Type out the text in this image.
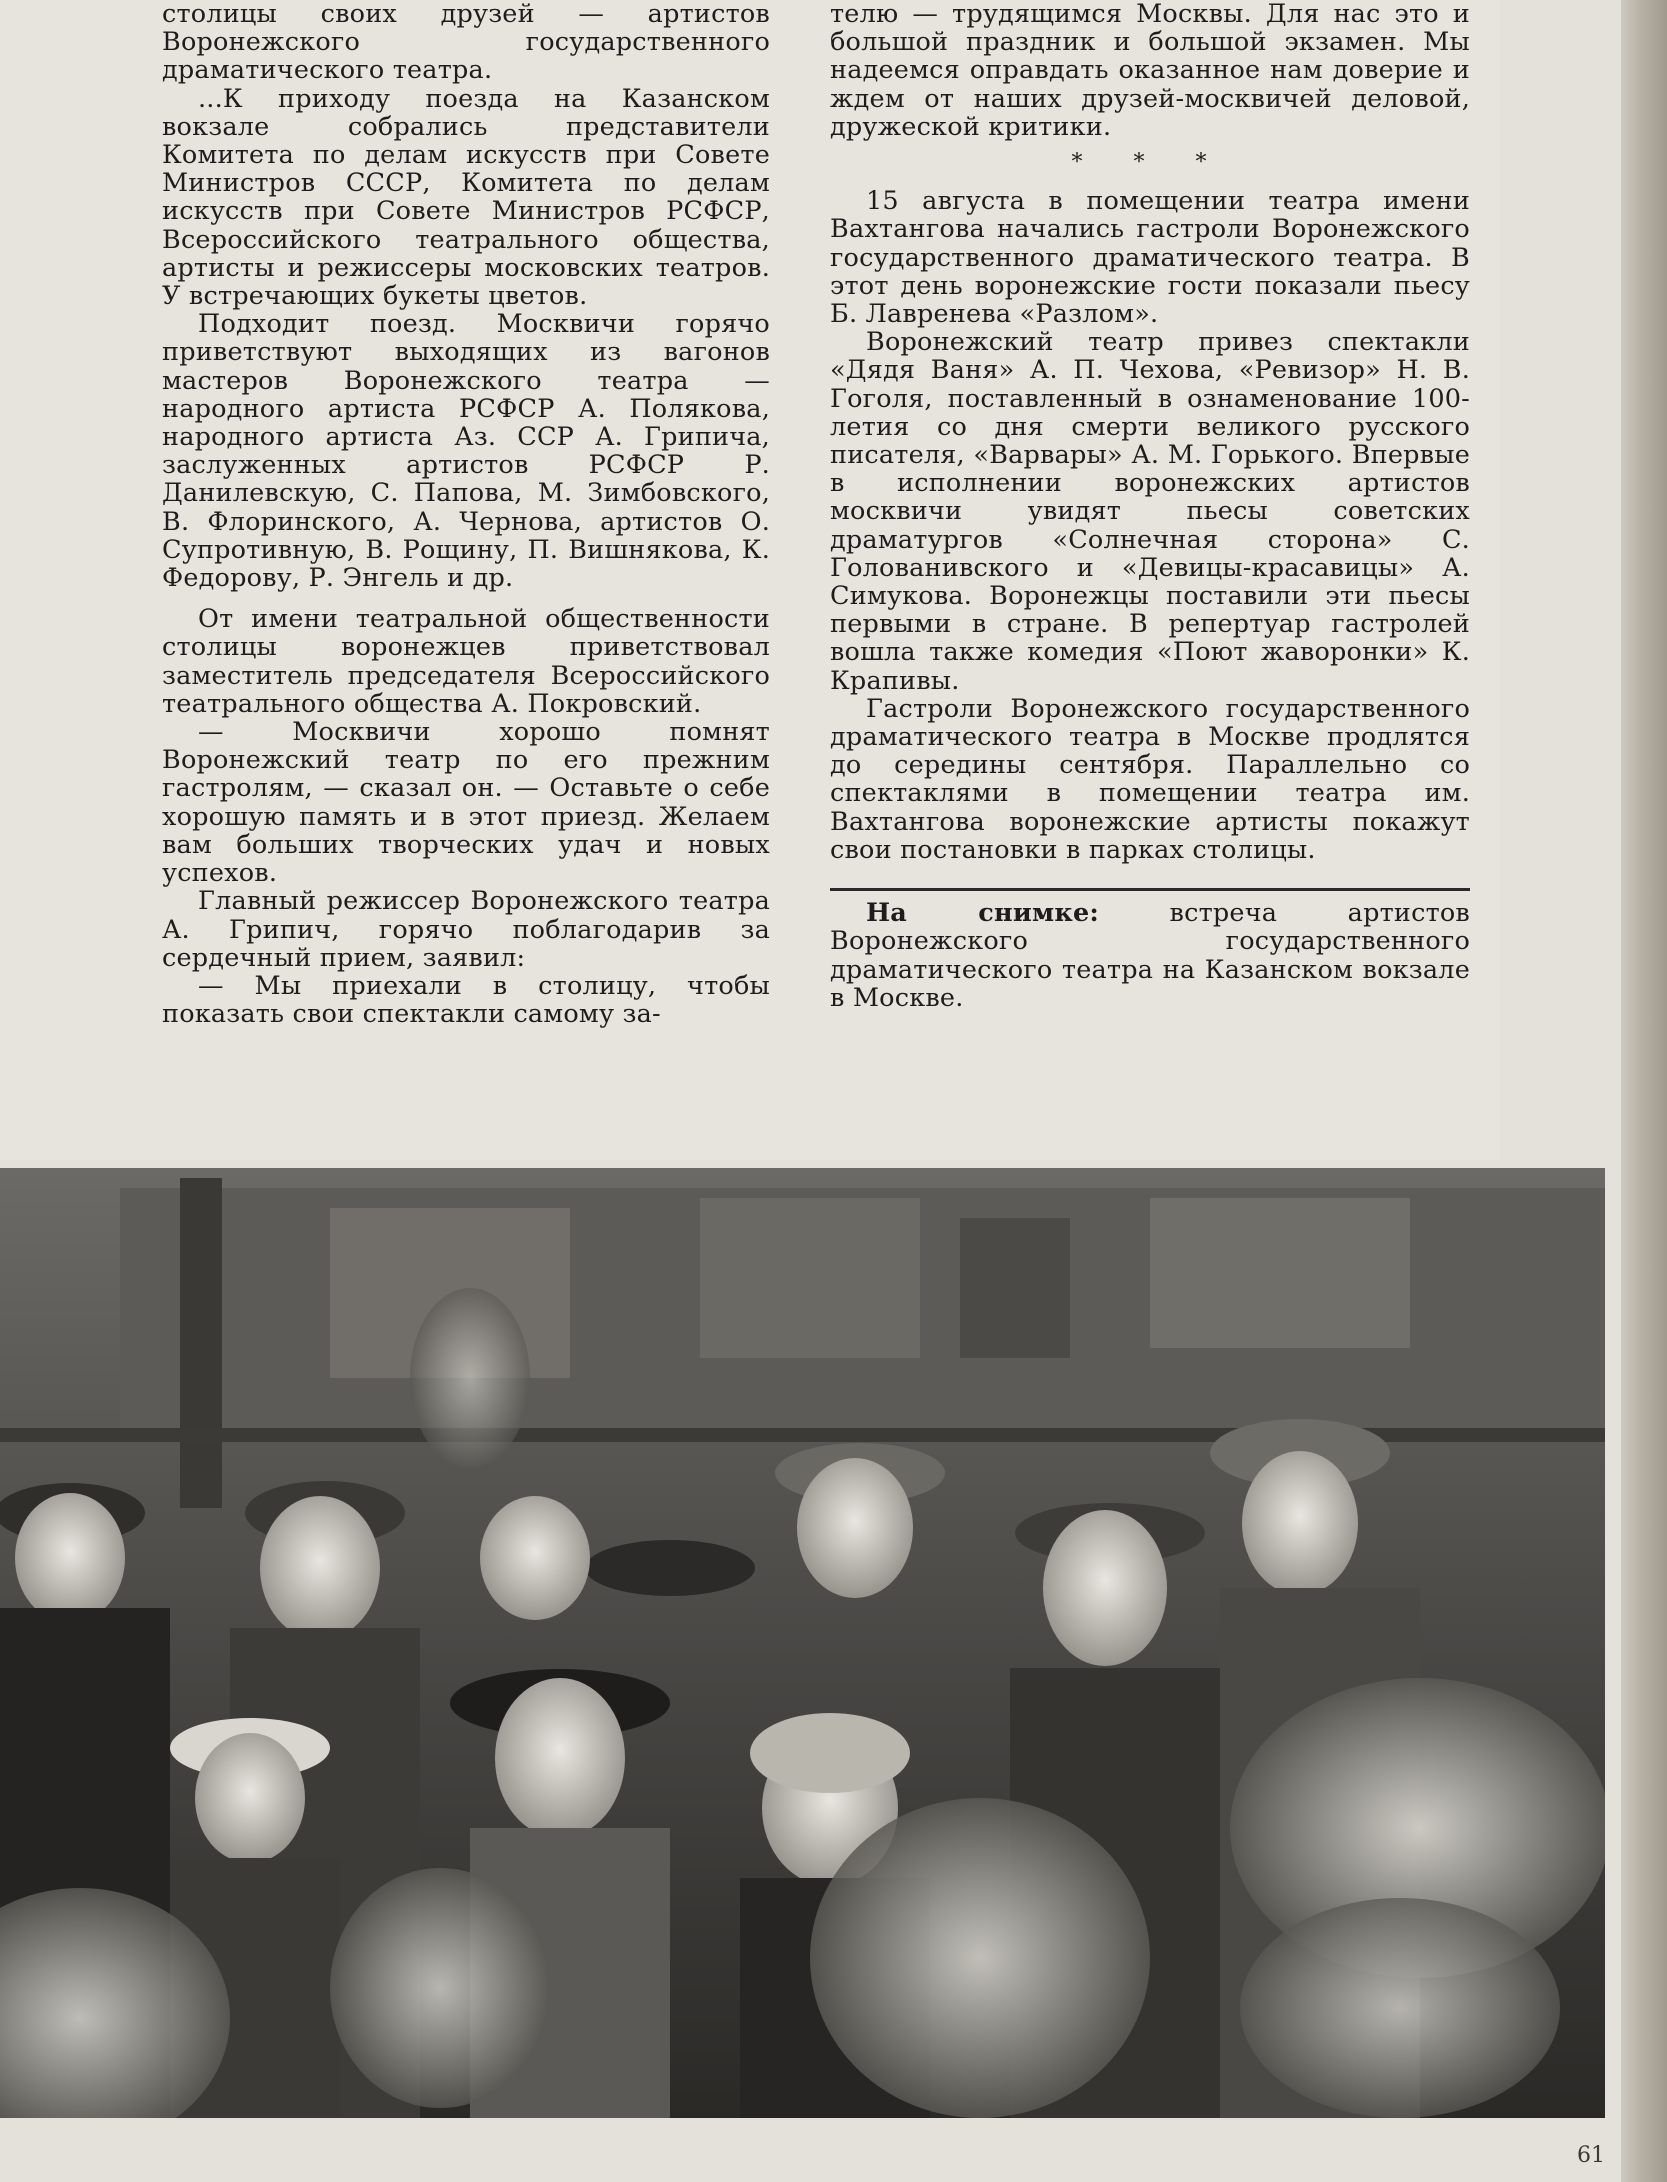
столицы своих друзей — артистов Воронежского государственного драматического театра.

...К приходу поезда на Казанском вокзале собрались представители Комитета по делам искусств при Совете Министров СССР, Комитета по делам искусств при Совете Министров РСФСР, Всероссийского театрального общества, артисты и режиссеры московских театров. У встречающих букеты цветов.

Подходит поезд. Москвичи горячо приветствуют выходящих из вагонов мастеров Воронежского театра — народного артиста РСФСР А. Полякова, народного артиста Аз. ССР А. Грипича, заслуженных артистов РСФСР Р. Данилевскую, С. Папова, М. Зимбовского, В. Флоринского, А. Чернова, артистов О. Супротивную, В. Рощину, П. Вишнякова, К. Федорову, Р. Энгель и др.

От имени театральной общественности столицы воронежцев приветствовал заместитель председателя Всероссийского театрального общества А. Покровский.

— Москвичи хорошо помнят Воронежский театр по его прежним гастролям, — сказал он. — Оставьте о себе хорошую память и в этот приезд. Желаем вам больших творческих удач и новых успехов.

Главный режиссер Воронежского театра А. Грипич, горячо поблагодарив за сердечный прием, заявил:

— Мы приехали в столицу, чтобы показать свои спектакли самому за-

телю — трудящимся Москвы. Для нас это и большой праздник и большой экзамен. Мы надеемся оправдать оказанное нам доверие и ждем от наших друзей-москвичей деловой, дружеской критики.

* * *

15 августа в помещении театра имени Вахтангова начались гастроли Воронежского государственного драматического театра. В этот день воронежские гости показали пьесу Б. Лавренева «Разлом».

Воронежский театр привез спектакли «Дядя Ваня» А. П. Чехова, «Ревизор» Н. В. Гоголя, поставленный в ознаменование 100-летия со дня смерти великого русского писателя, «Варвары» А. М. Горького. Впервые в исполнении воронежских артистов москвичи увидят пьесы советских драматургов «Солнечная сторона» С. Голованивского и «Девицы-красавицы» А. Симукова. Воронежцы поставили эти пьесы первыми в стране. В репертуар гастролей вошла также комедия «Поют жаворонки» К. Крапивы.

Гастроли Воронежского государственного драматического театра в Москве продлятся до середины сентября. Параллельно со спектаклями в помещении театра им. Вахтангова воронежские артисты покажут свои постановки в парках столицы.

На снимке:	встреча артистов Воронежского государственного драматического театра на Казанском вокзале в Москве.

61
